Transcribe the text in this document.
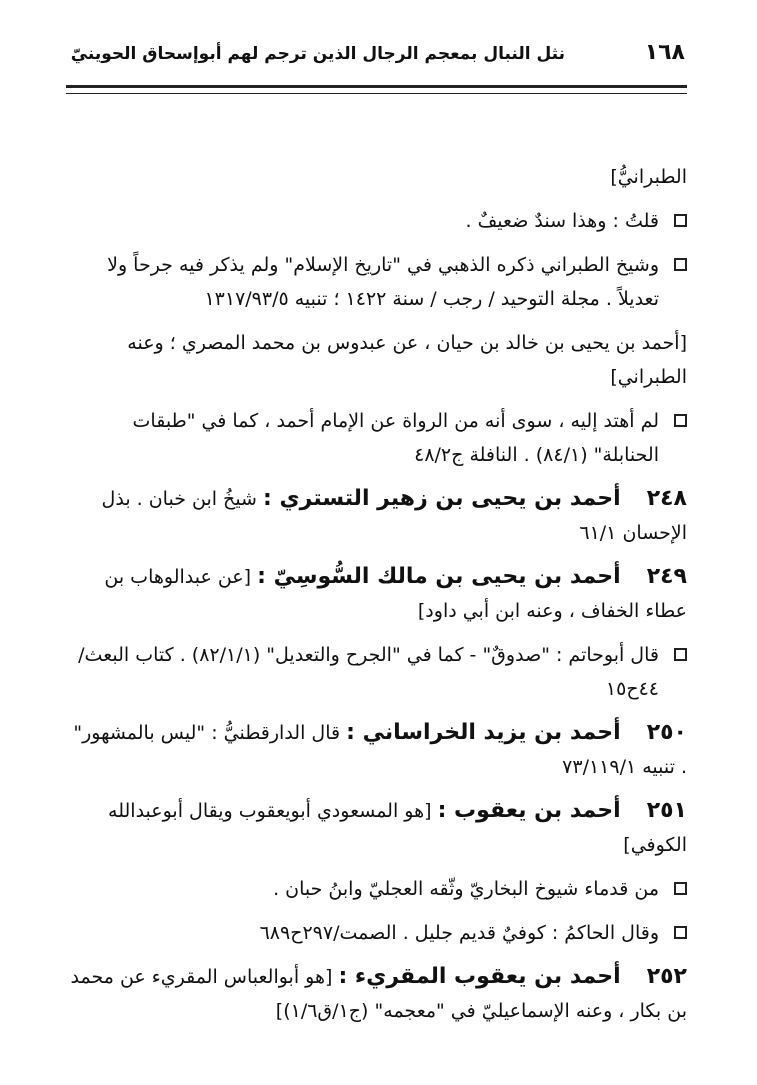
١٦٨
نثل النبال بمعجم الرجال الذين ترجم لهم أبوإسحاق الحوينيّ
الطبرانيُّ]
قلتُ : وهذا سندٌ ضعيفٌ .
وشيخ الطبراني ذكره الذهبي في "تاريخ الإسلام" ولم يذكر فيه جرحاً ولا تعديلاً . مجلة التوحيد / رجب / سنة ١٤٢٢ ؛ تنبيه ١٣١٧/٩٣/٥
[أحمد بن يحيى بن خالد بن حيان ، عن عبدوس بن محمد المصري ؛ وعنه الطبراني]
لم أهتد إليه ، سوى أنه من الرواة عن الإمام أحمد ، كما في "طبقات الحنابلة" (٨٤/١) . النافلة ج٤٨/٢
٢٤٨أحمد بن يحيى بن زهير التستري : شيخُ ابن خبان . بذل الإحسان ٦١/١
٢٤٩أحمد بن يحيى بن مالك السُّوسِيّ : [عن عبدالوهاب بن عطاء الخفاف ، وعنه ابن أبي داود]
قال أبوحاتم : "صدوقٌ" - كما في "الجرح والتعديل" (٨٢/١/١) . كتاب البعث/٤٤ح١٥
٢٥٠أحمد بن يزيد الخراساني : قال الدارقطنيُّ : "ليس بالمشهور" . تنبيه ٧٣/١١٩/١
٢٥١أحمد بن يعقوب : [هو المسعودي أبويعقوب ويقال أبوعبدالله الكوفي]
من قدماء شيوخ البخاريّ وثّقه العجليّ وابنُ حبان .
وقال الحاكمُ : كوفيٌ قديم جليل . الصمت/٢٩٧ح٦٨٩
٢٥٢أحمد بن يعقوب المقريء : [هو أبوالعباس المقريء عن محمد بن بكار ، وعنه الإسماعيليّ في "معجمه" (ج١/ق١/٦)]
